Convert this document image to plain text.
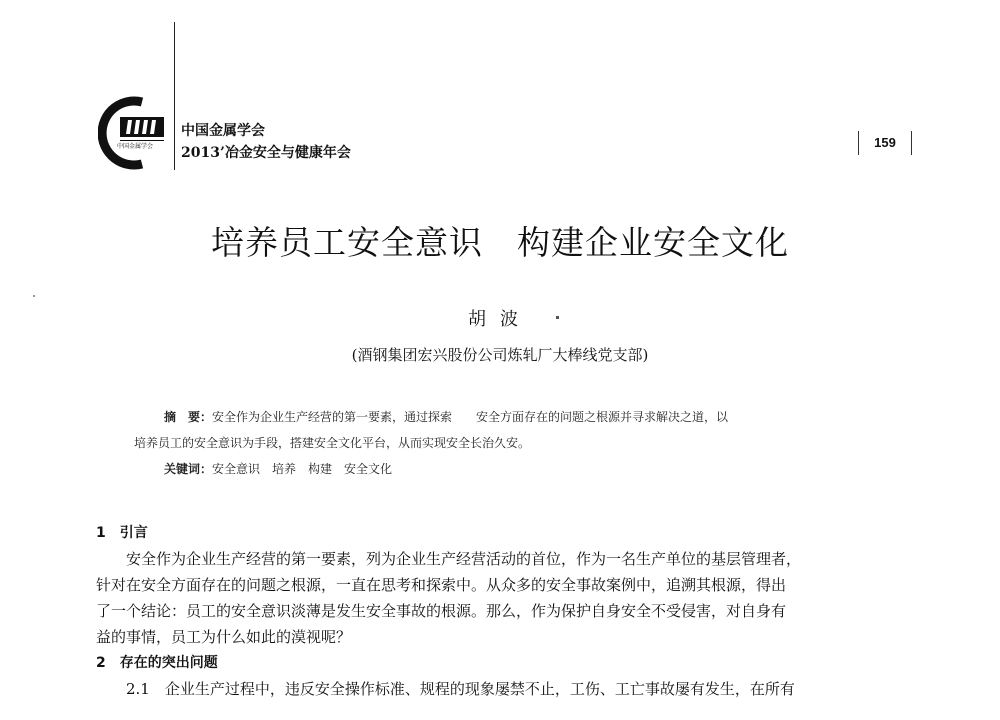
中国金属学会
中国金属学会
2013’冶金安全与健康年会
159
培养员工安全意识　构建企业安全文化
胡波
(酒钢集团宏兴股份公司炼轧厂大棒线党支部)
摘　要：安全作为企业生产经营的第一要素，通过探索　　安全方面存在的问题之根源并寻求解决之道，以
培养员工的安全意识为手段，搭建安全文化平台，从而实现安全长治久安。
关键词：安全意识　培养　构建　安全文化
1　引言
安全作为企业生产经营的第一要素，列为企业生产经营活动的首位，作为一名生产单位的基层管理者，
针对在安全方面存在的问题之根源，一直在思考和探索中。从众多的安全事故案例中，追溯其根源，得出
了一个结论：员工的安全意识淡薄是发生安全事故的根源。那么，作为保护自身安全不受侵害，对自身有
益的事情，员工为什么如此的漠视呢？
2　存在的突出问题
2.1　企业生产过程中，违反安全操作标准、规程的现象屡禁不止，工伤、工亡事故屡有发生，在所有
